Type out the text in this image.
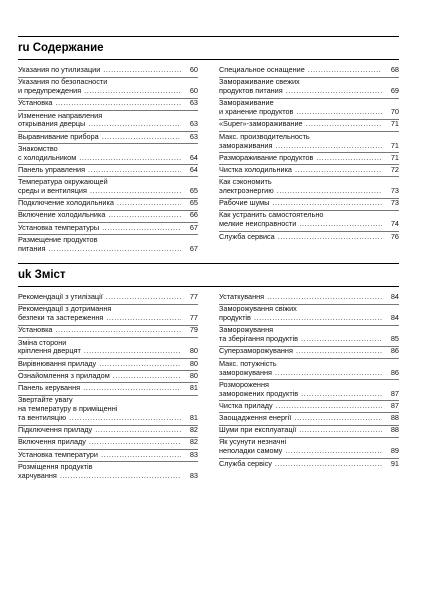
ru Содержание
Указания по утилизации .....	60
Указания по безопасности
и предупреждения .....	60
Установка .....	63
Изменение направления
открывания дверцы .....	63
Выравнивание прибора .....	63
Знакомство
с холодильником .....	64
Панель управления .....	64
Температура окружающей
среды и вентиляция .....	65
Подключение холодильника .....	65
Включение холодильника .....	66
Установка температуры .....	67
Размещение продуктов
питания .....	67
Специальное оснащение .....	68
Замораживание свежих
продуктов питания .....	69
Замораживание
и хранение продуктов .....	70
«Super»-замораживание .....	71
Макс. производительность
замораживания .....	71
Размораживание продуктов .....	71
Чистка холодильника .....	72
Как сэкономить
электроэнергию .....	73
Рабочие шумы .....	73
Как устранить самостоятельно
мелкие неисправности .....	74
Служба сервиса .....	76
uk Зміст
Рекомендації з утилізації .....	77
Рекомендації з дотримання
безпеки та застереження .....	77
Установка .....	79
Зміна сторони
кріплення дверцят .....	80
Вирівнювання приладу .....	80
Ознайомлення з приладом .....	80
Панель керування .....	81
Звертайте увагу
на температуру в приміщенні
та вентиляцію .....	81
Підключення приладу .....	82
Включення приладу .....	82
Установка температури .....	83
Розміщення продуктів
харчування .....	83
Устаткування .....	84
Заморожування свіжих
продуктів .....	84
Заморожування
та зберігання продуктів .....	85
Суперзаморожування .....	86
Макс. потужність
заморожування .....	86
Розмороження
заморожених продуктів .....	87
Чистка приладу .....	87
Заощадження енергії .....	88
Шуми при експлуатації .....	88
Як усунути незначні
неполадки самому .....	89
Служба сервісу .....	91
